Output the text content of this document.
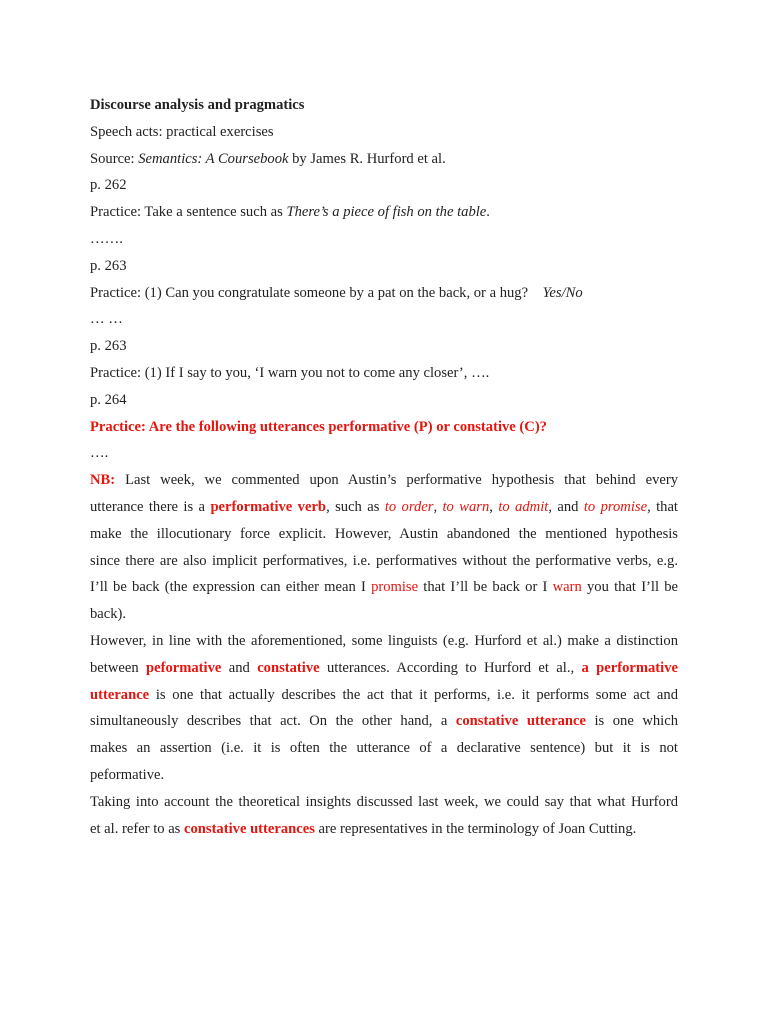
Discourse analysis and pragmatics
Speech acts: practical exercises
Source: Semantics: A Coursebook by James R. Hurford et al.
p. 262
Practice: Take a sentence such as There’s a piece of fish on the table.
…….
p. 263
Practice: (1) Can you congratulate someone by a pat on the back, or a hug? Yes/No
… …
p. 263
Practice: (1) If I say to you, ‘I warn you not to come any closer’, ….
p. 264
Practice: Are the following utterances performative (P) or constative (C)?
….
NB: Last week, we commented upon Austin’s performative hypothesis that behind every
utterance there is a performative verb, such as to order, to warn, to admit, and to promise, that
make the illocutionary force explicit. However, Austin abandoned the mentioned hypothesis
since there are also implicit performatives, i.e. performatives without the performative verbs, e.g.
I’ll be back (the expression can either mean I promise that I’ll be back or I warn you that I’ll be
back).
However, in line with the aforementioned, some linguists (e.g. Hurford et al.) make a distinction
between peformative and constative utterances. According to Hurford et al., a performative
utterance is one that actually describes the act that it performs, i.e. it performs some act and
simultaneously describes that act. On the other hand, a constative utterance is one which
makes an assertion (i.e. it is often the utterance of a declarative sentence) but it is not
peformative.
Taking into account the theoretical insights discussed last week, we could say that what Hurford
et al. refer to as constative utterances are representatives in the terminology of Joan Cutting.
